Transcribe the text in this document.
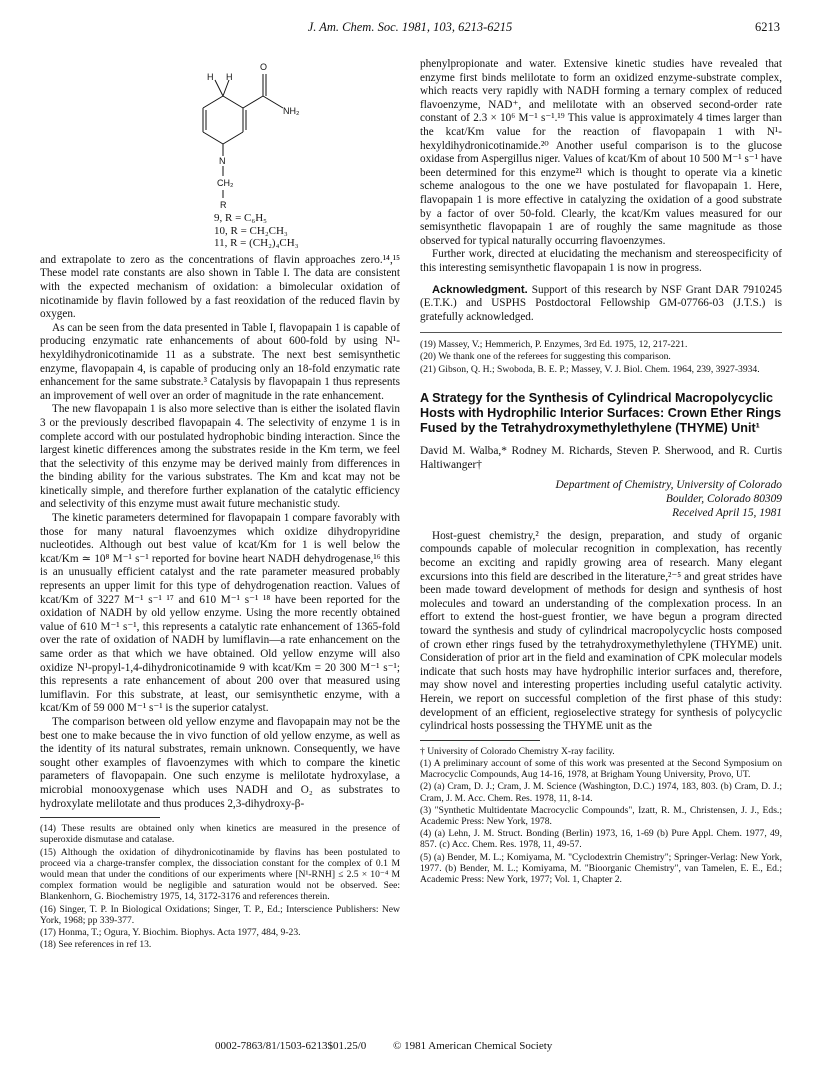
J. Am. Chem. Soc. 1981, 103, 6213-6215	6213
O
H H
NH₂
N
CH₂
R
9, R = C₆H₅
10, R = CH₂CH₃
11, R = (CH₂)₄CH₃

and extrapolate to zero as the concentrations of flavin approaches zero.¹⁴,¹⁵ These model rate constants are also shown in Table I. The data are consistent with the expected mechanism of oxidation: a bimolecular oxidation of nicotinamide by flavin followed by a fast reoxidation of the reduced flavin by oxygen.

As can be seen from the data presented in Table I, flavopapain 1 is capable of producing enzymatic rate enhancements of about 600-fold by using N¹-hexyldihydronicotinamide 11 as a substrate. The next best semisynthetic enzyme, flavopapain 4, is capable of producing only an 18-fold enzymatic rate enhancement for the same substrate.³ Catalysis by flavopapain 1 thus represents an improvement of well over an order of magnitude in the rate enhancement.

The new flavopapain 1 is also more selective than is either the isolated flavin 3 or the previously described flavopapain 4. The selectivity of enzyme 1 is in complete accord with our postulated hydrophobic binding interaction. Since the largest kinetic differences among the substrates reside in the Km term, we feel that the selectivity of this enzyme may be derived mainly from differences in the binding ability for the various substrates. The Km and kcat may not be kinetically simple, and therefore further explanation of the catalytic efficiency and selectivity of this enzyme must await future mechanistic study.

The kinetic parameters determined for flavopapain 1 compare favorably with those for many natural flavoenzymes which oxidize dihydropyridine nucleotides. Although out best value of kcat/Km for 1 is well below the kcat/Km ≃ 10⁸ M⁻¹ s⁻¹ reported for bovine heart NADH dehydrogenase,¹⁶ this is an unusually efficient catalyst and the rate parameter measured probably represents an upper limit for this type of dehydrogenation reaction. Values of kcat/Km of 3227 M⁻¹ s⁻¹ ¹⁷ and 610 M⁻¹ s⁻¹ ¹⁸ have been reported for the oxidation of NADH by old yellow enzyme. Using the more recently obtained value of 610 M⁻¹ s⁻¹, this represents a catalytic rate enhancement of 1365-fold over the rate of oxidation of NADH by lumiflavin—a rate enhancement on the same order as that which we have obtained. Old yellow enzyme will also oxidize N¹-propyl-1,4-dihydronicotinamide 9 with kcat/Km = 20 300 M⁻¹ s⁻¹; this represents a rate enhancement of about 200 over that measured using lumiflavin. For this substrate, at least, our semisynthetic enzyme, with a kcat/Km of 59 000 M⁻¹ s⁻¹ is the superior catalyst.

The comparison between old yellow enzyme and flavopapain may not be the best one to make because the in vivo function of old yellow enzyme, as well as the identity of its natural substrates, remain unknown. Consequently, we have sought other examples of flavoenzymes with which to compare the kinetic parameters of flavopapain. One such enzyme is melilotate hydroxylase, a microbial monooxygenase which uses NADH and O₂ as substrates to hydroxylate melilotate and thus produces 2,3-dihydroxy-β-

(14) These results are obtained only when kinetics are measured in the presence of superoxide dismutase and catalase.

(15) Although the oxidation of dihydronicotinamide by flavins has been postulated to proceed via a charge-transfer complex, the dissociation constant for the complex of 0.1 M would mean that under the conditions of our experiments where [N¹-RNH] ≤ 2.5 × 10⁻⁴ M complex formation would be negligible and saturation would not be observed. See: Blankenhorn, G. Biochemistry 1975, 14, 3172-3176 and references therein.

(16) Singer, T. P. In Biological Oxidations; Singer, T. P., Ed.; Interscience Publishers: New York, 1968; pp 339-377.

(17) Honma, T.; Ogura, Y. Biochim. Biophys. Acta 1977, 484, 9-23.

(18) See references in ref 13.

phenylpropionate and water. Extensive kinetic studies have revealed that enzyme first binds melilotate to form an oxidized enzyme-substrate complex, which reacts very rapidly with NADH forming a ternary complex of reduced flavoenzyme, NAD⁺, and melilotate with an observed second-order rate constant of 2.3 × 10⁶ M⁻¹ s⁻¹.¹⁹ This value is approximately 4 times larger than the kcat/Km value for the reaction of flavopapain 1 with N¹-hexyldihydronicotinamide.²⁰ Another useful comparison is to the glucose oxidase from Aspergillus niger. Values of kcat/Km of about 10 500 M⁻¹ s⁻¹ have been determined for this enzyme²¹ which is thought to operate via a kinetic scheme analogous to the one we have postulated for flavopapain 1. Here, flavopapain 1 is more effective in catalyzing the oxidation of a good substrate by a factor of over 50-fold. Clearly, the kcat/Km values measured for our semisynthetic flavopapain 1 are of roughly the same magnitude as those observed for typical naturally occurring flavoenzymes.

Further work, directed at elucidating the mechanism and stereospecificity of this interesting semisynthetic flavopapain 1 is now in progress.

Acknowledgment. Support of this research by NSF Grant DAR 7910245 (E.T.K.) and USPHS Postdoctoral Fellowship GM-07766-03 (J.T.S.) is gratefully acknowledged.

(19) Massey, V.; Hemmerich, P. Enzymes, 3rd Ed. 1975, 12, 217-221.

(20) We thank one of the referees for suggesting this comparison.

(21) Gibson, Q. H.; Swoboda, B. E. P.; Massey, V. J. Biol. Chem. 1964, 239, 3927-3934.

A Strategy for the Synthesis of Cylindrical Macropolycyclic Hosts with Hydrophilic Interior Surfaces: Crown Ether Rings Fused by the Tetrahydroxymethylethylene (THYME) Unit¹
David M. Walba,* Rodney M. Richards, Steven P. Sherwood, and R. Curtis Haltiwanger†
Department of Chemistry, University of Colorado
Boulder, Colorado 80309
Received April 15, 1981

Host-guest chemistry,² the design, preparation, and study of organic compounds capable of molecular recognition in complexation, has recently become an exciting and rapidly growing area of research. Many elegant excursions into this field are described in the literature,²⁻⁵ and great strides have been made toward development of methods for design and synthesis of host molecules and toward an understanding of the complexation process. In an effort to extend the host-guest frontier, we have begun a program directed toward the synthesis and study of cylindrical macropolycyclic hosts composed of crown ether rings fused by the tetrahydroxymethylethylene (THYME) unit. Consideration of prior art in the field and examination of CPK molecular models indicate that such hosts may have hydrophilic interior surfaces and, therefore, may show novel and interesting properties including useful catalytic activity. Herein, we report on successful completion of the first phase of this study: development of an efficient, regioselective strategy for synthesis of polycyclic cylindrical hosts possessing the THYME unit as the

† University of Colorado Chemistry X-ray facility.

(1) A preliminary account of some of this work was presented at the Second Symposium on Macrocyclic Compounds, Aug 14-16, 1978, at Brigham Young University, Provo, UT.

(2) (a) Cram, D. J.; Cram, J. M. Science (Washington, D.C.) 1974, 183, 803. (b) Cram, D. J.; Cram, J. M. Acc. Chem. Res. 1978, 11, 8-14.

(3) "Synthetic Multidentate Macrocyclic Compounds", Izatt, R. M., Christensen, J. J., Eds.; Academic Press: New York, 1978.

(4) (a) Lehn, J. M. Struct. Bonding (Berlin) 1973, 16, 1-69 (b) Pure Appl. Chem. 1977, 49, 857. (c) Acc. Chem. Res. 1978, 11, 49-57.

(5) (a) Bender, M. L.; Komiyama, M. "Cyclodextrin Chemistry"; Springer-Verlag: New York, 1977. (b) Bender, M. L.; Komiyama, M. "Bioorganic Chemistry", van Tamelen, E. E., Ed.; Academic Press: New York, 1977; Vol. 1, Chapter 2.

0002-7863/81/1503-6213$01.25/0 © 1981 American Chemical Society
